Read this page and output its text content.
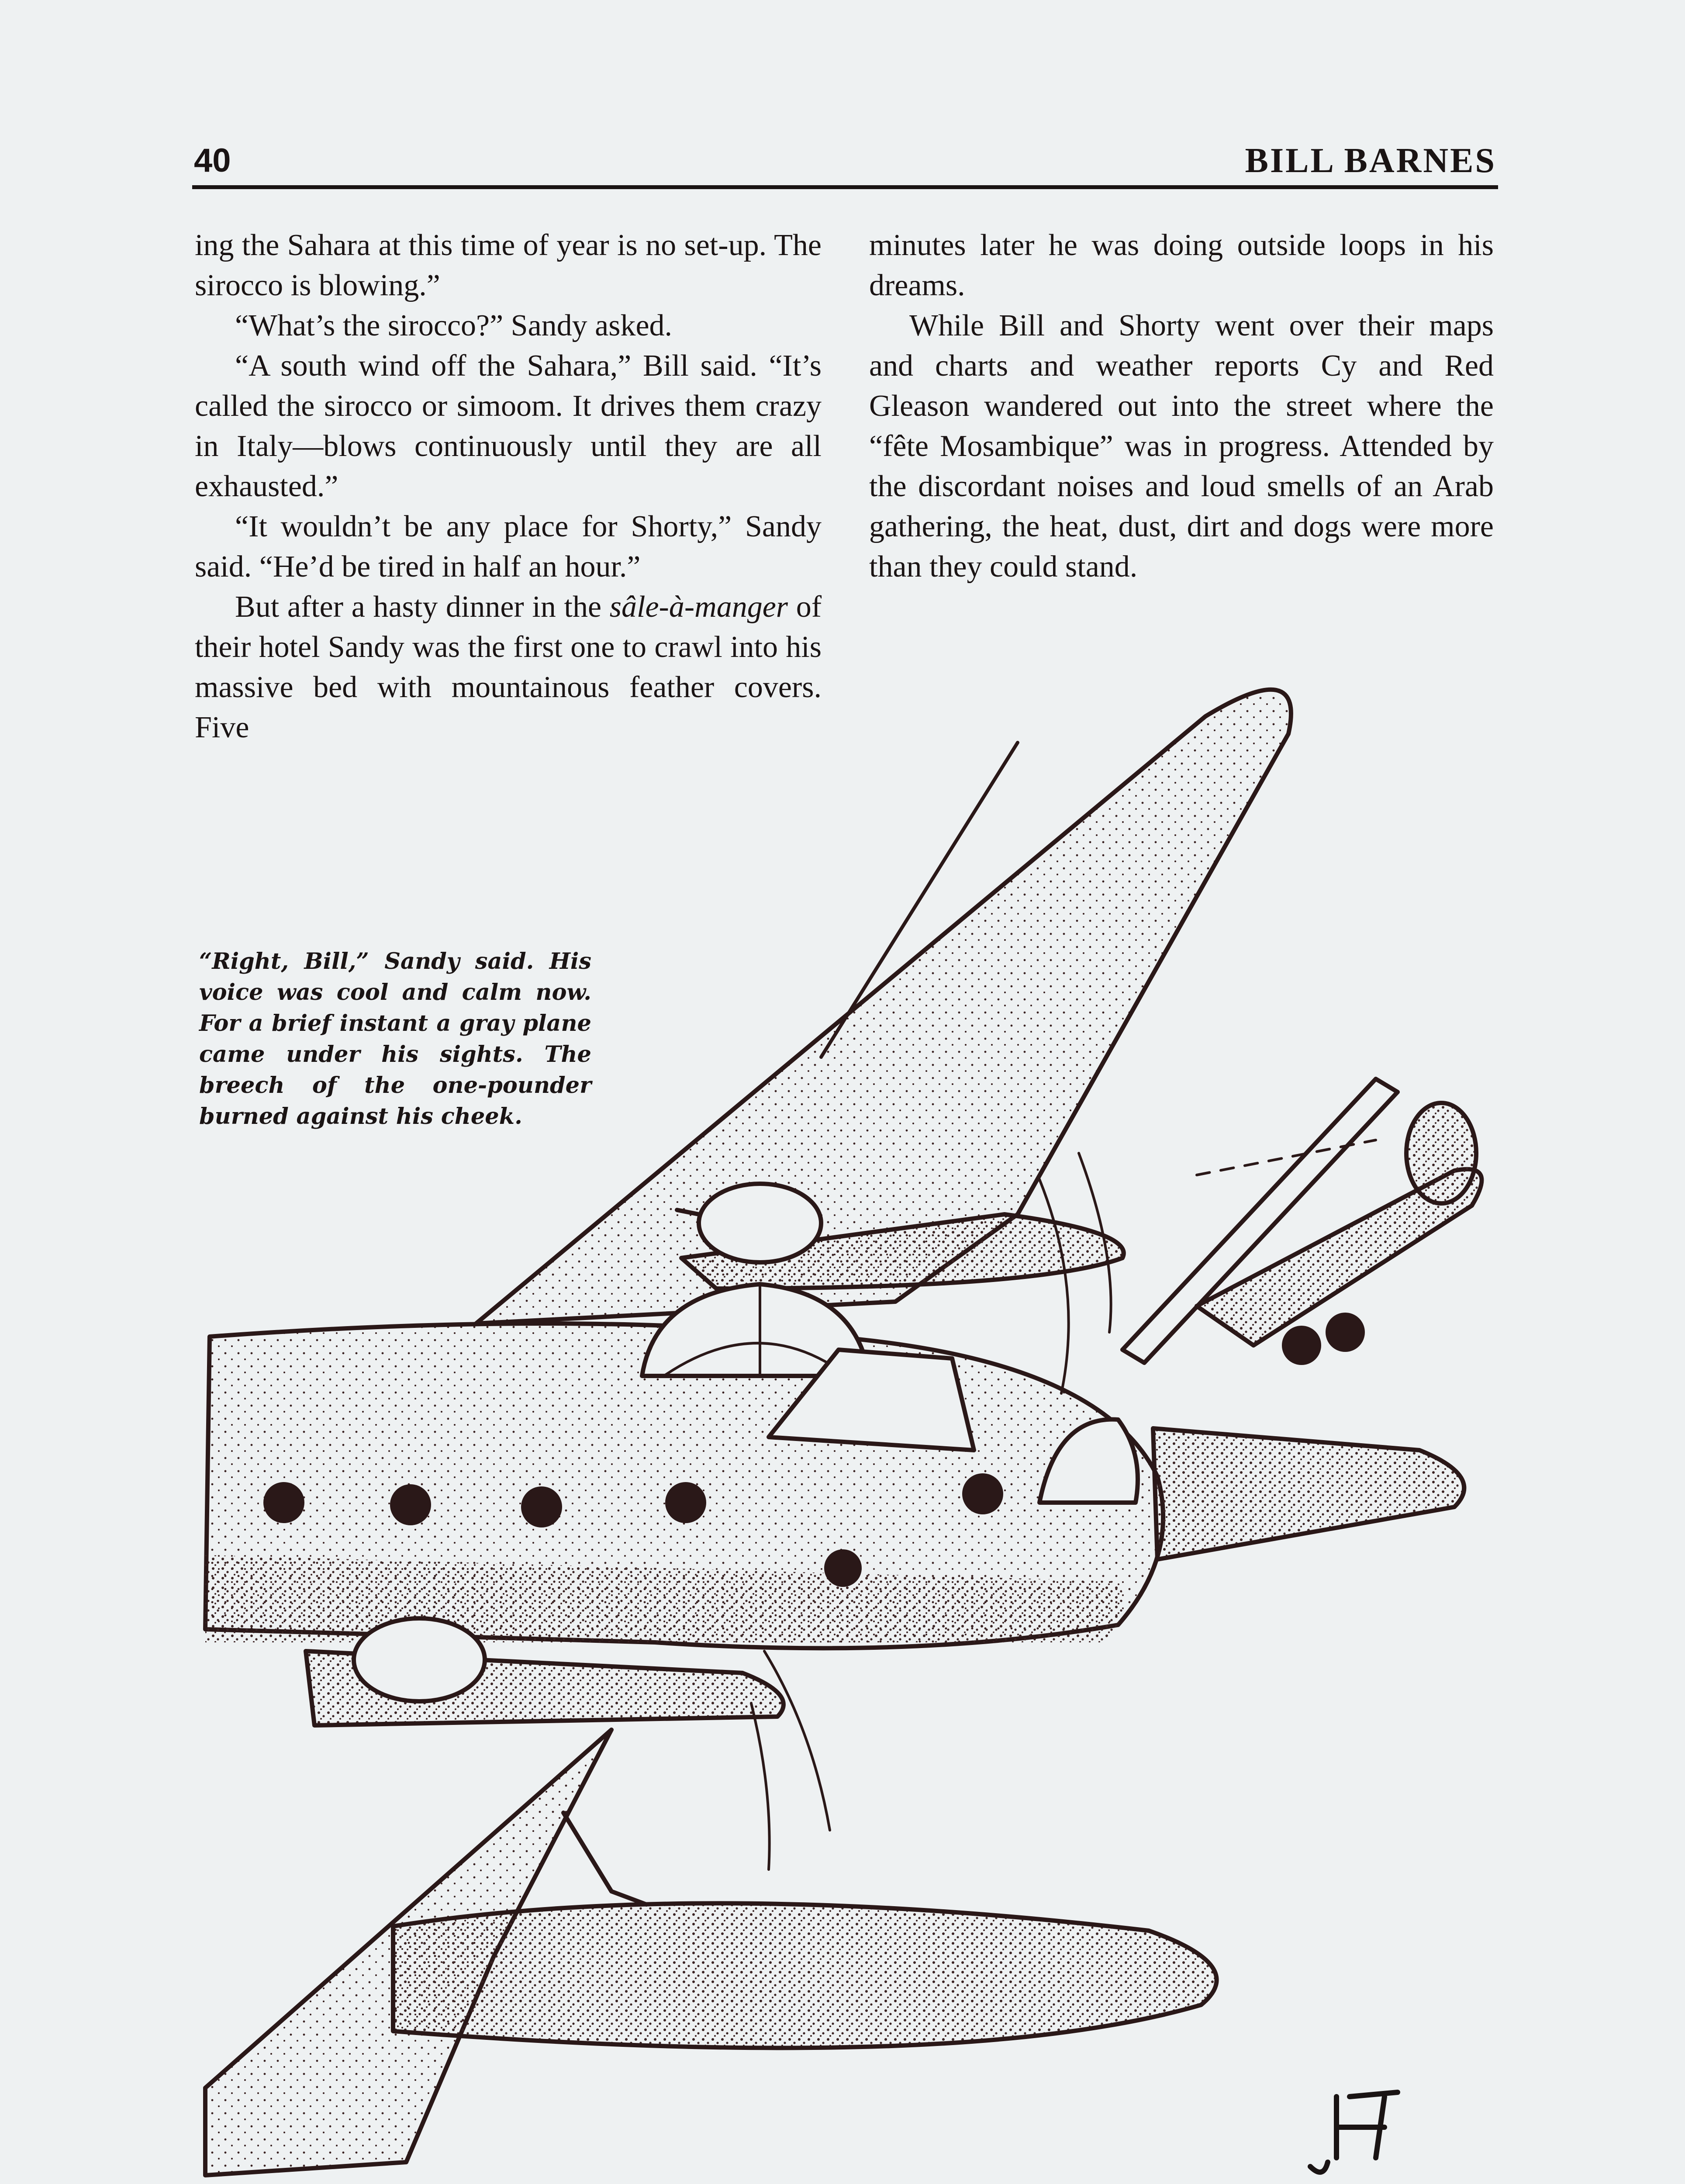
40	BILL BARNES

ing the Sahara at this time of year is no set-up. The sirocco is blowing.”

“What’s the sirocco?” Sandy asked.

“A south wind off the Sahara,” Bill said. “It’s called the sirocco or simoom. It drives them crazy in Italy—blows continuously until they are all exhausted.”

“It wouldn’t be any place for Shorty,” Sandy said. “He’d be tired in half an hour.”

But after a hasty dinner in the sâle-à-manger of their hotel Sandy was the first one to crawl into his massive bed with mountainous feather covers. Five

minutes later he was doing outside loops in his dreams.

While Bill and Shorty went over their maps and charts and weather reports Cy and Red Gleason wandered out into the street where the “fête Mosambique” was in progress. Attended by the discordant noises and loud smells of an Arab gathering, the heat, dust, dirt and dogs were more than they could stand.

“Right, Bill,” Sandy said. His voice was cool and calm now. For a brief instant a gray plane came under his sights. The breech of the one-pounder burned against his cheek.
